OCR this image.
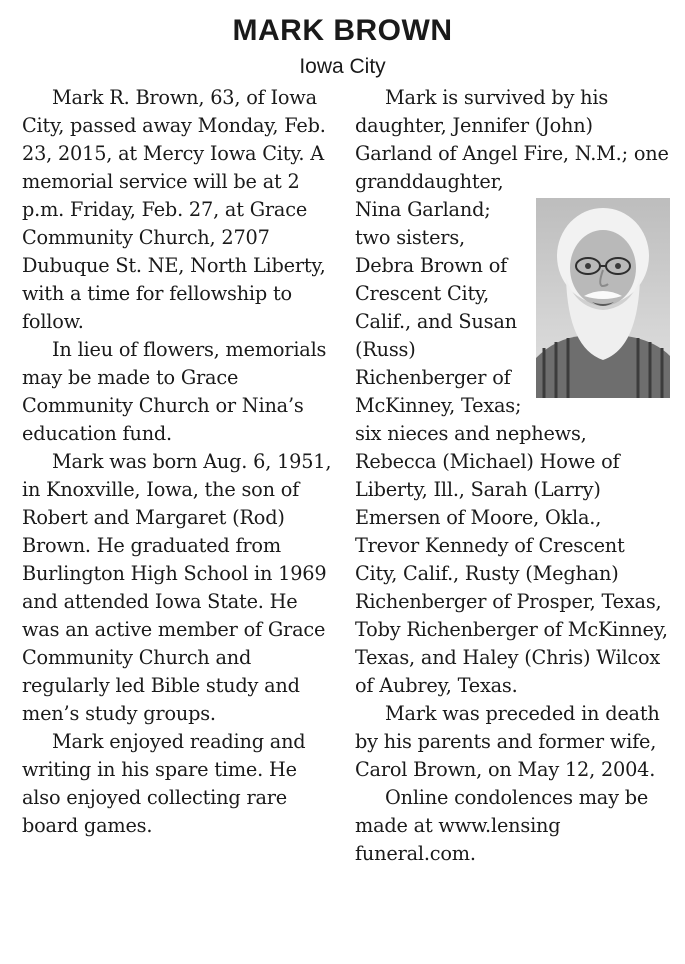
MARK BROWN
Iowa City

Mark R. Brown, 63, of Iowa City, passed away Monday, Feb. 23, 2015, at Mercy Iowa City. A memorial service will be at 2 p.m. Friday, Feb. 27, at Grace Community Church, 2707 Dubuque St. NE, North Liberty, with a time for fellowship to follow.

In lieu of flowers, memorials may be made to Grace Community Church or Nina’s education fund.

Mark was born Aug. 6, 1951, in Knoxville, Iowa, the son of Robert and Margaret (Rod) Brown. He graduated from Burlington High School in 1969 and attended Iowa State. He was an active member of Grace Community Church and regularly led Bible study and men’s study groups.

Mark enjoyed reading and writing in his spare time. He also enjoyed collecting rare board games.

Mark is survived by his daughter, Jennifer (John) Garland of Angel Fire, N.M.; one granddaughter,

Nina Garland; two sisters, Debra Brown of Crescent City, Calif., and Susan (Russ) Richenberger of McKinney, Texas; six nieces and nephews, Rebecca (Michael) Howe of Liberty, Ill., Sarah (Larry) Emersen of Moore, Okla., Trevor Kennedy of Crescent City, Calif., Rusty (Meghan) Richenberger of Prosper, Texas, Toby Richenberger of McKinney, Texas, and Haley (Chris) Wilcox of Aubrey, Texas.

Mark was preceded in death by his parents and former wife, Carol Brown, on May 12, 2004.

Online condolences may be made at www.lensing funeral.com.
